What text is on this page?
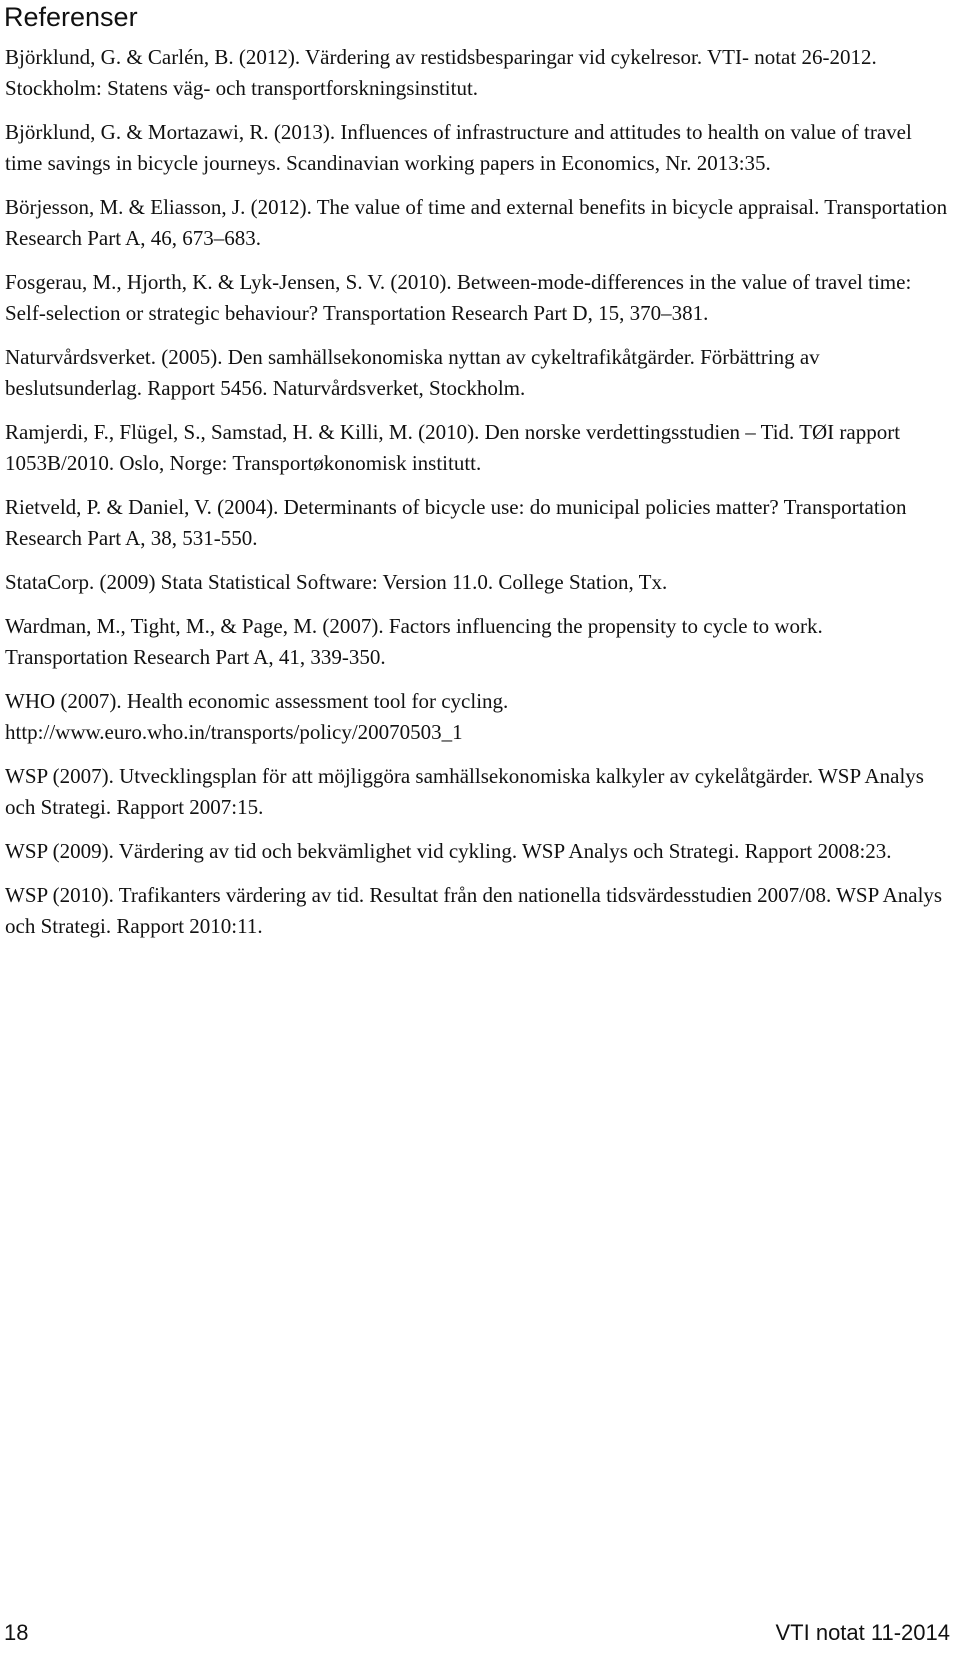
Referenser

Björklund, G. & Carlén, B. (2012). Värdering av restidsbesparingar vid cykelresor. VTI- notat 26-2012. Stockholm: Statens väg- och transportforskningsinstitut.

Björklund, G. & Mortazawi, R. (2013). Influences of infrastructure and attitudes to health on value of travel time savings in bicycle journeys. Scandinavian working papers in Economics, Nr. 2013:35.

Börjesson, M. & Eliasson, J. (2012). The value of time and external benefits in bicycle appraisal. Transportation Research Part A, 46, 673–683.

Fosgerau, M., Hjorth, K. & Lyk-Jensen, S. V. (2010). Between-mode-differences in the value of travel time: Self-selection or strategic behaviour? Transportation Research Part D, 15, 370–381.

Naturvårdsverket. (2005). Den samhällsekonomiska nyttan av cykeltrafikåtgärder. Förbättring av beslutsunderlag. Rapport 5456. Naturvårdsverket, Stockholm.

Ramjerdi, F., Flügel, S., Samstad, H. & Killi, M. (2010). Den norske verdettingsstudien – Tid. TØI rapport 1053B/2010. Oslo, Norge: Transportøkonomisk institutt.

Rietveld, P. & Daniel, V. (2004). Determinants of bicycle use: do municipal policies matter? Transportation Research Part A, 38, 531-550.

StataCorp. (2009) Stata Statistical Software: Version 11.0. College Station, Tx.

Wardman, M., Tight, M., & Page, M. (2007). Factors influencing the propensity to cycle to work. Transportation Research Part A, 41, 339-350.

WHO (2007). Health economic assessment tool for cycling. http://www.euro.who.in/transports/policy/20070503_1

WSP (2007). Utvecklingsplan för att möjliggöra samhällsekonomiska kalkyler av cykelåtgärder. WSP Analys och Strategi. Rapport 2007:15.

WSP (2009). Värdering av tid och bekvämlighet vid cykling. WSP Analys och Strategi. Rapport 2008:23.

WSP (2010). Trafikanters värdering av tid. Resultat från den nationella tidsvärdesstudien 2007/08. WSP Analys och Strategi. Rapport 2010:11.

18	VTI notat 11-2014
